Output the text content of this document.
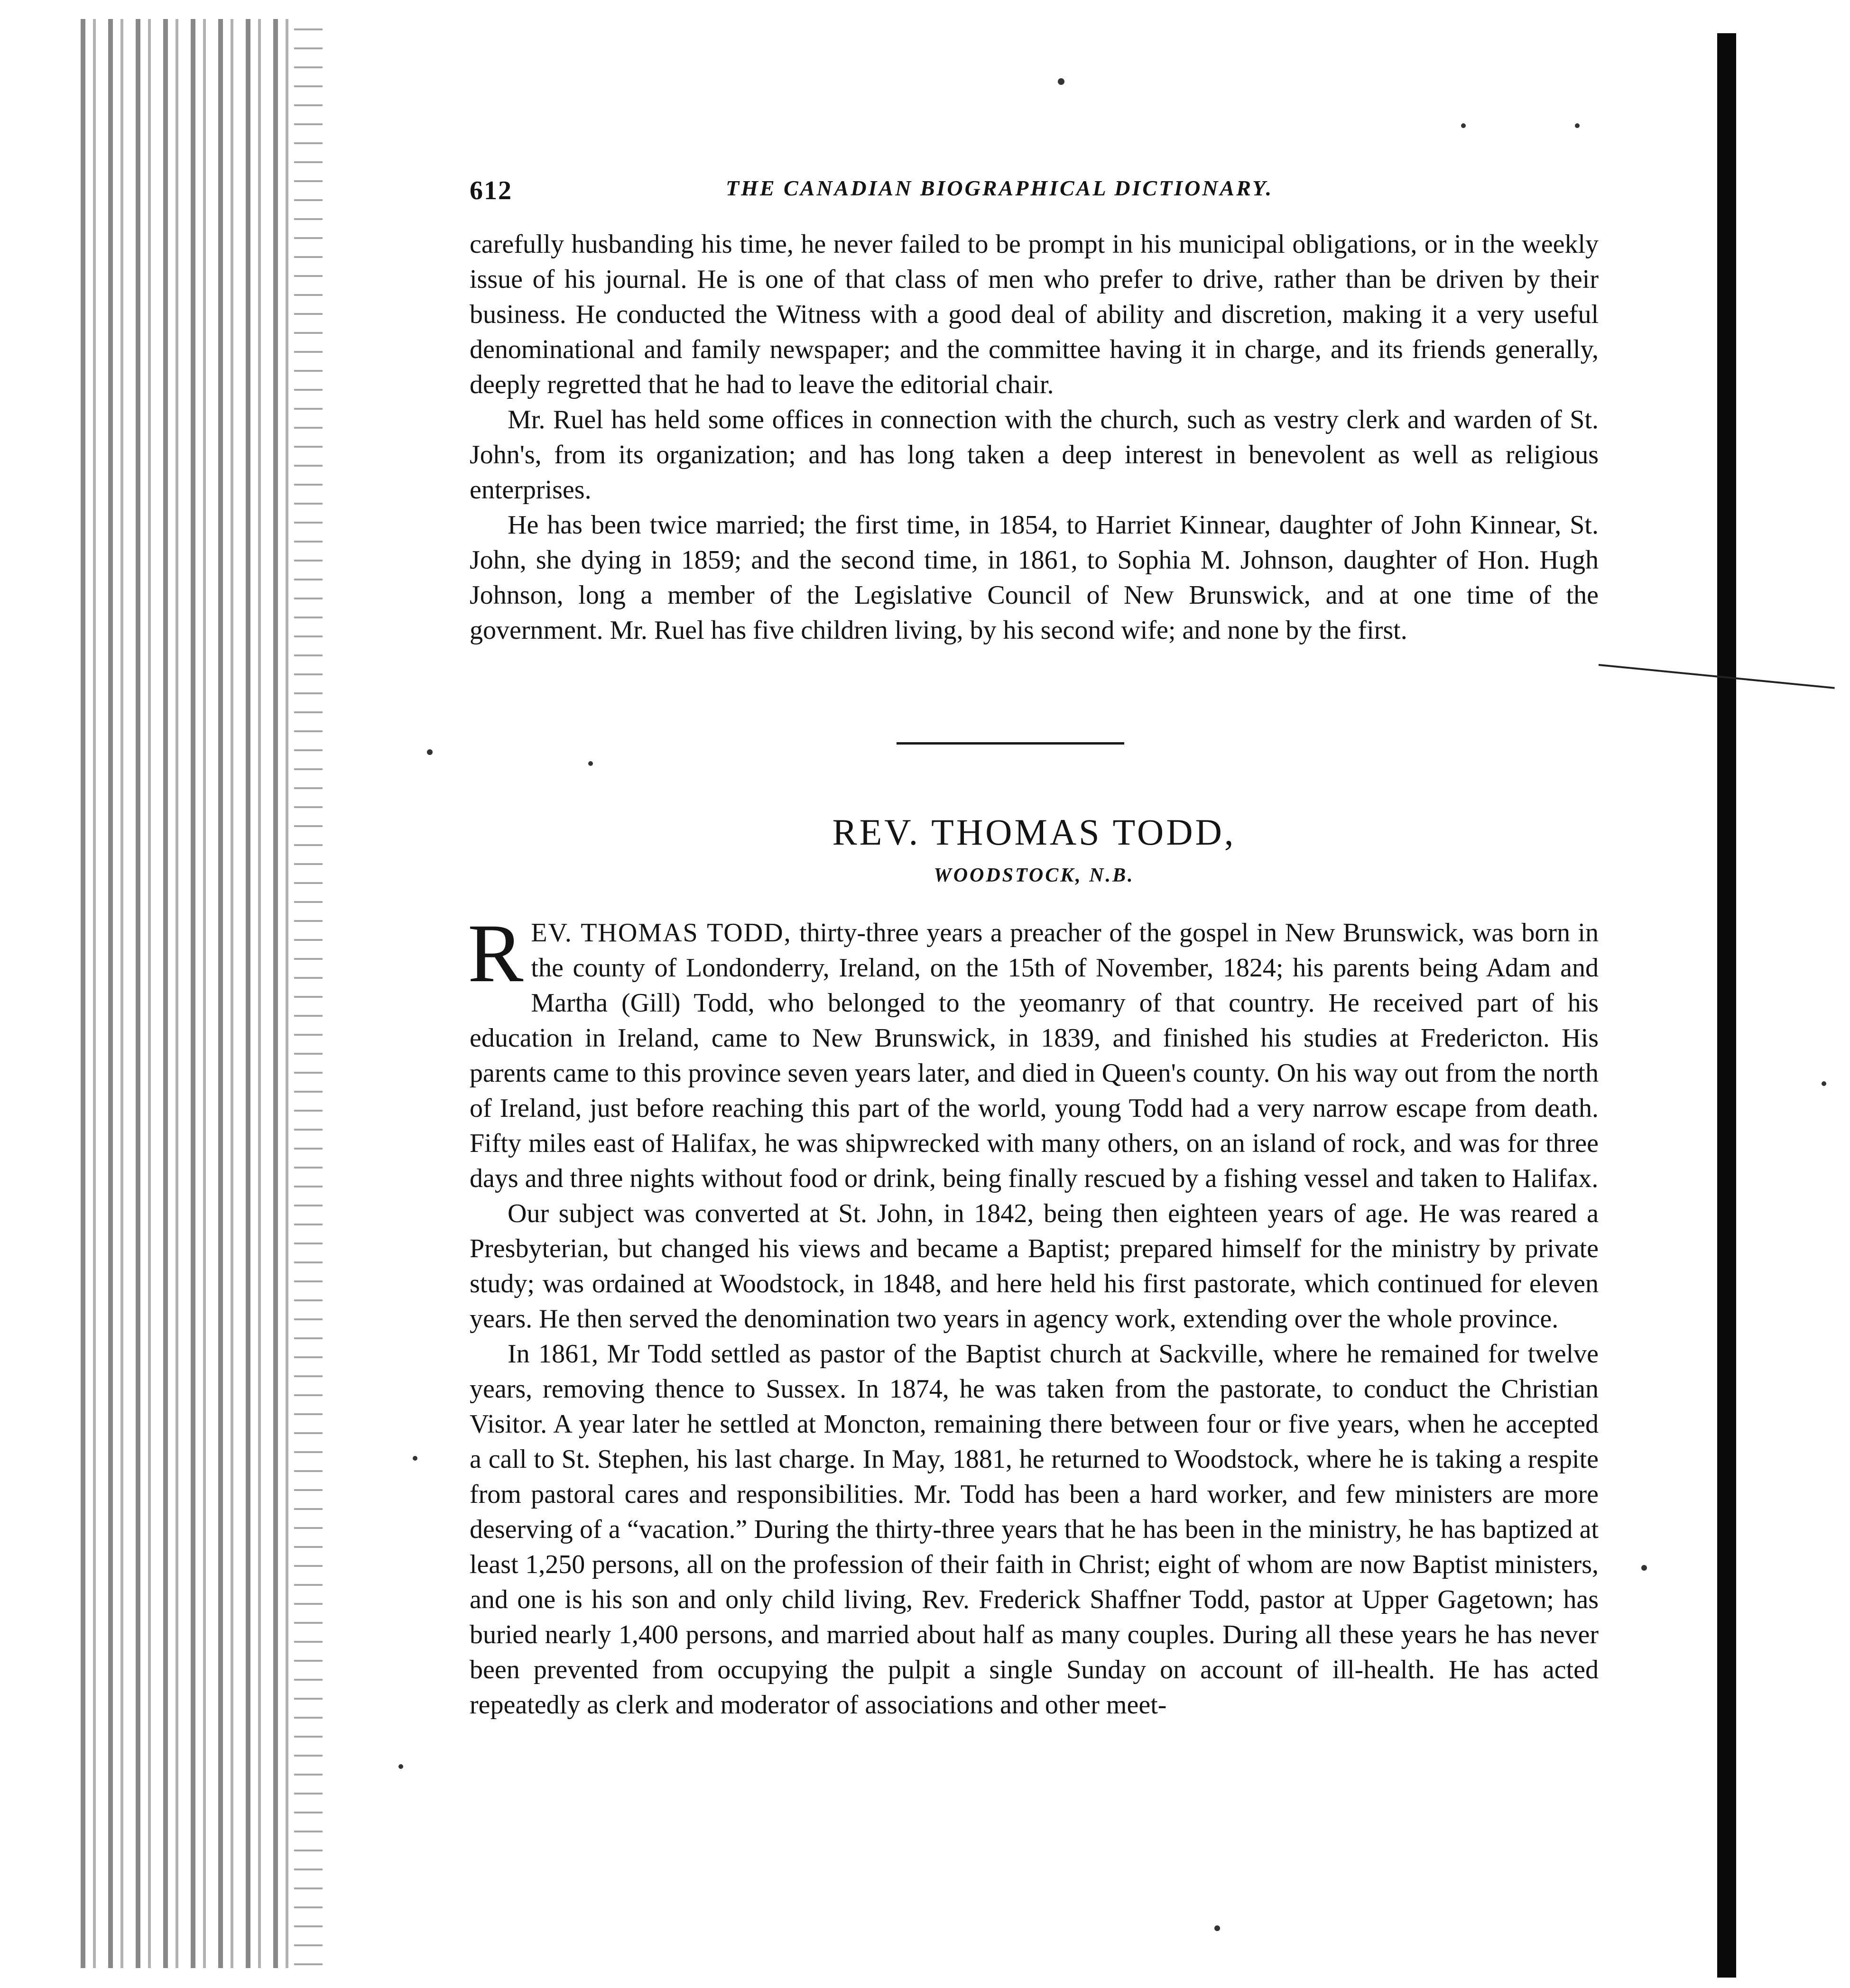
612	THE CANADIAN BIOGRAPHICAL DICTIONARY.

carefully husbanding his time, he never failed to be prompt in his municipal obligations, or in the weekly issue of his journal. He is one of that class of men who prefer to drive, rather than be driven by their business. He conducted the Witness with a good deal of ability and discretion, making it a very useful denominational and family newspaper; and the committee having it in charge, and its friends generally, deeply regretted that he had to leave the editorial chair.

Mr. Ruel has held some offices in connection with the church, such as vestry clerk and warden of St. John's, from its organization; and has long taken a deep interest in benevolent as well as religious enterprises.

He has been twice married; the first time, in 1854, to Harriet Kinnear, daughter of John Kinnear, St. John, she dying in 1859; and the second time, in 1861, to Sophia M. Johnson, daughter of Hon. Hugh Johnson, long a member of the Legislative Council of New Brunswick, and at one time of the government. Mr. Ruel has five children living, by his second wife; and none by the first.

REV. THOMAS TODD,
WOODSTOCK, N.B.

REV. THOMAS TODD, thirty-three years a preacher of the gospel in New Brunswick, was born in the county of Londonderry, Ireland, on the 15th of November, 1824; his parents being Adam and Martha (Gill) Todd, who belonged to the yeomanry of that country. He received part of his education in Ireland, came to New Brunswick, in 1839, and finished his studies at Fredericton. His parents came to this province seven years later, and died in Queen's county. On his way out from the north of Ireland, just before reaching this part of the world, young Todd had a very narrow escape from death. Fifty miles east of Halifax, he was shipwrecked with many others, on an island of rock, and was for three days and three nights without food or drink, being finally rescued by a fishing vessel and taken to Halifax.

Our subject was converted at St. John, in 1842, being then eighteen years of age. He was reared a Presbyterian, but changed his views and became a Baptist; prepared himself for the ministry by private study; was ordained at Woodstock, in 1848, and here held his first pastorate, which continued for eleven years. He then served the denomination two years in agency work, extending over the whole province.

In 1861, Mr Todd settled as pastor of the Baptist church at Sackville, where he remained for twelve years, removing thence to Sussex. In 1874, he was taken from the pastorate, to conduct the Christian Visitor. A year later he settled at Moncton, remaining there between four or five years, when he accepted a call to St. Stephen, his last charge. In May, 1881, he returned to Woodstock, where he is taking a respite from pastoral cares and responsibilities. Mr. Todd has been a hard worker, and few ministers are more deserving of a “vacation.” During the thirty-three years that he has been in the ministry, he has baptized at least 1,250 persons, all on the profession of their faith in Christ; eight of whom are now Baptist ministers, and one is his son and only child living, Rev. Frederick Shaffner Todd, pastor at Upper Gagetown; has buried nearly 1,400 persons, and married about half as many couples. During all these years he has never been prevented from occupying the pulpit a single Sunday on account of ill-health. He has acted repeatedly as clerk and moderator of associations and other meet-
